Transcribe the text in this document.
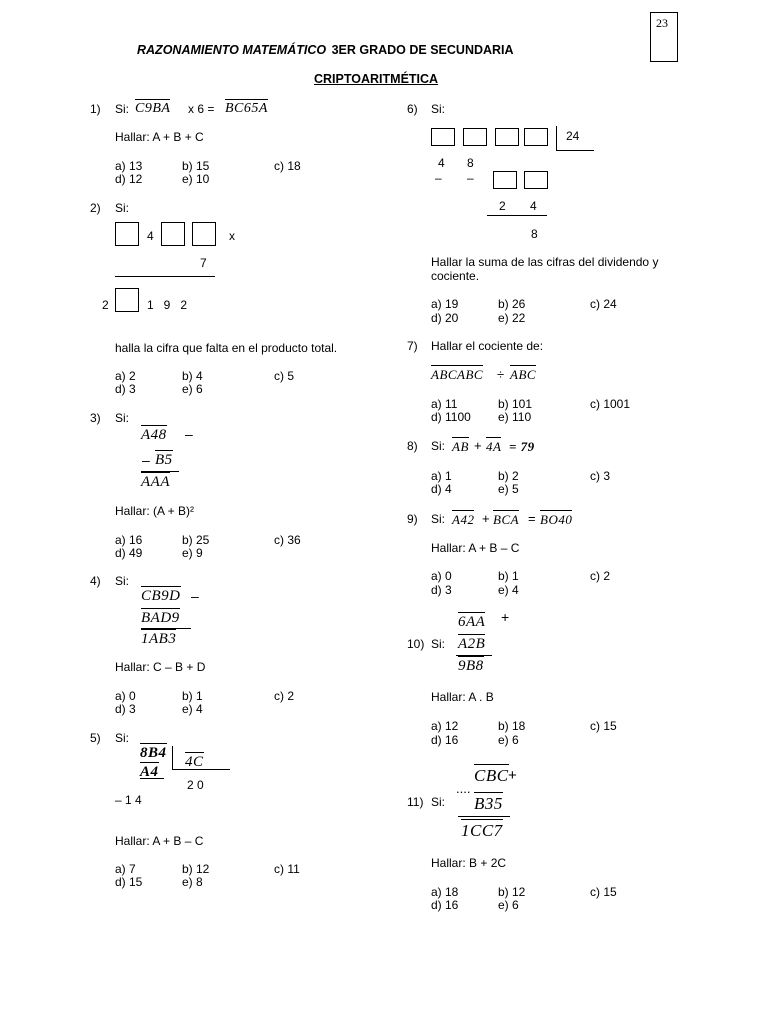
23
RAZONAMIENTO MATEMÁTICO 3ER GRADO DE SECUNDARIA
CRIPTOARITMÉTICA
1) Si: C9BA x 6 = BC65A
Hallar: A + B + C
a) 13	b) 15	c) 18
d) 12	e) 10
2) Si:
4	x
7
2	1   9   2
halla la cifra que falta en el producto total.
a) 2	b) 4	c) 5
d) 3	e) 6
3) Si:
A48 –
– B5
AAA
Hallar: (A + B)²
a) 16	b) 25	c) 36
d) 49	e) 9
4) Si:
CB9D –
BAD9
1AB3
Hallar: C – B + D
a) 0	b) 1	c) 2
d) 3	e) 4
5) Si:
8B4
4C
A4
2 0
– 1 4
Hallar: A + B – C
a) 7	b) 12	c) 11
d) 15	e) 8
6) Si:
24
4 8
– –
2 4
8
Hallar la suma de las cifras del dividendo y
cociente.
a) 19	b) 26	c) 24
d) 20	e) 22
7) Hallar el cociente de:
ABCABC ÷ ABC
a) 11	b) 101	c) 1001
d) 1100 e) 110
8) Si: AB + 4A = 79
a) 1	b) 2	c) 3
d) 4	e) 5
9) Si: A42 + BCA = BO40
Hallar: A + B – C
a) 0	b) 1	c) 2
d) 3	e) 4
6AA +
10) Si: A2B
9B8
Hallar: A . B
a) 12	b) 18	c) 15
d) 16	e) 6
CBC +
....
11) Si: B35
1CC7
Hallar: B + 2C
a) 18	b) 12	c) 15
d) 16	e) 6
